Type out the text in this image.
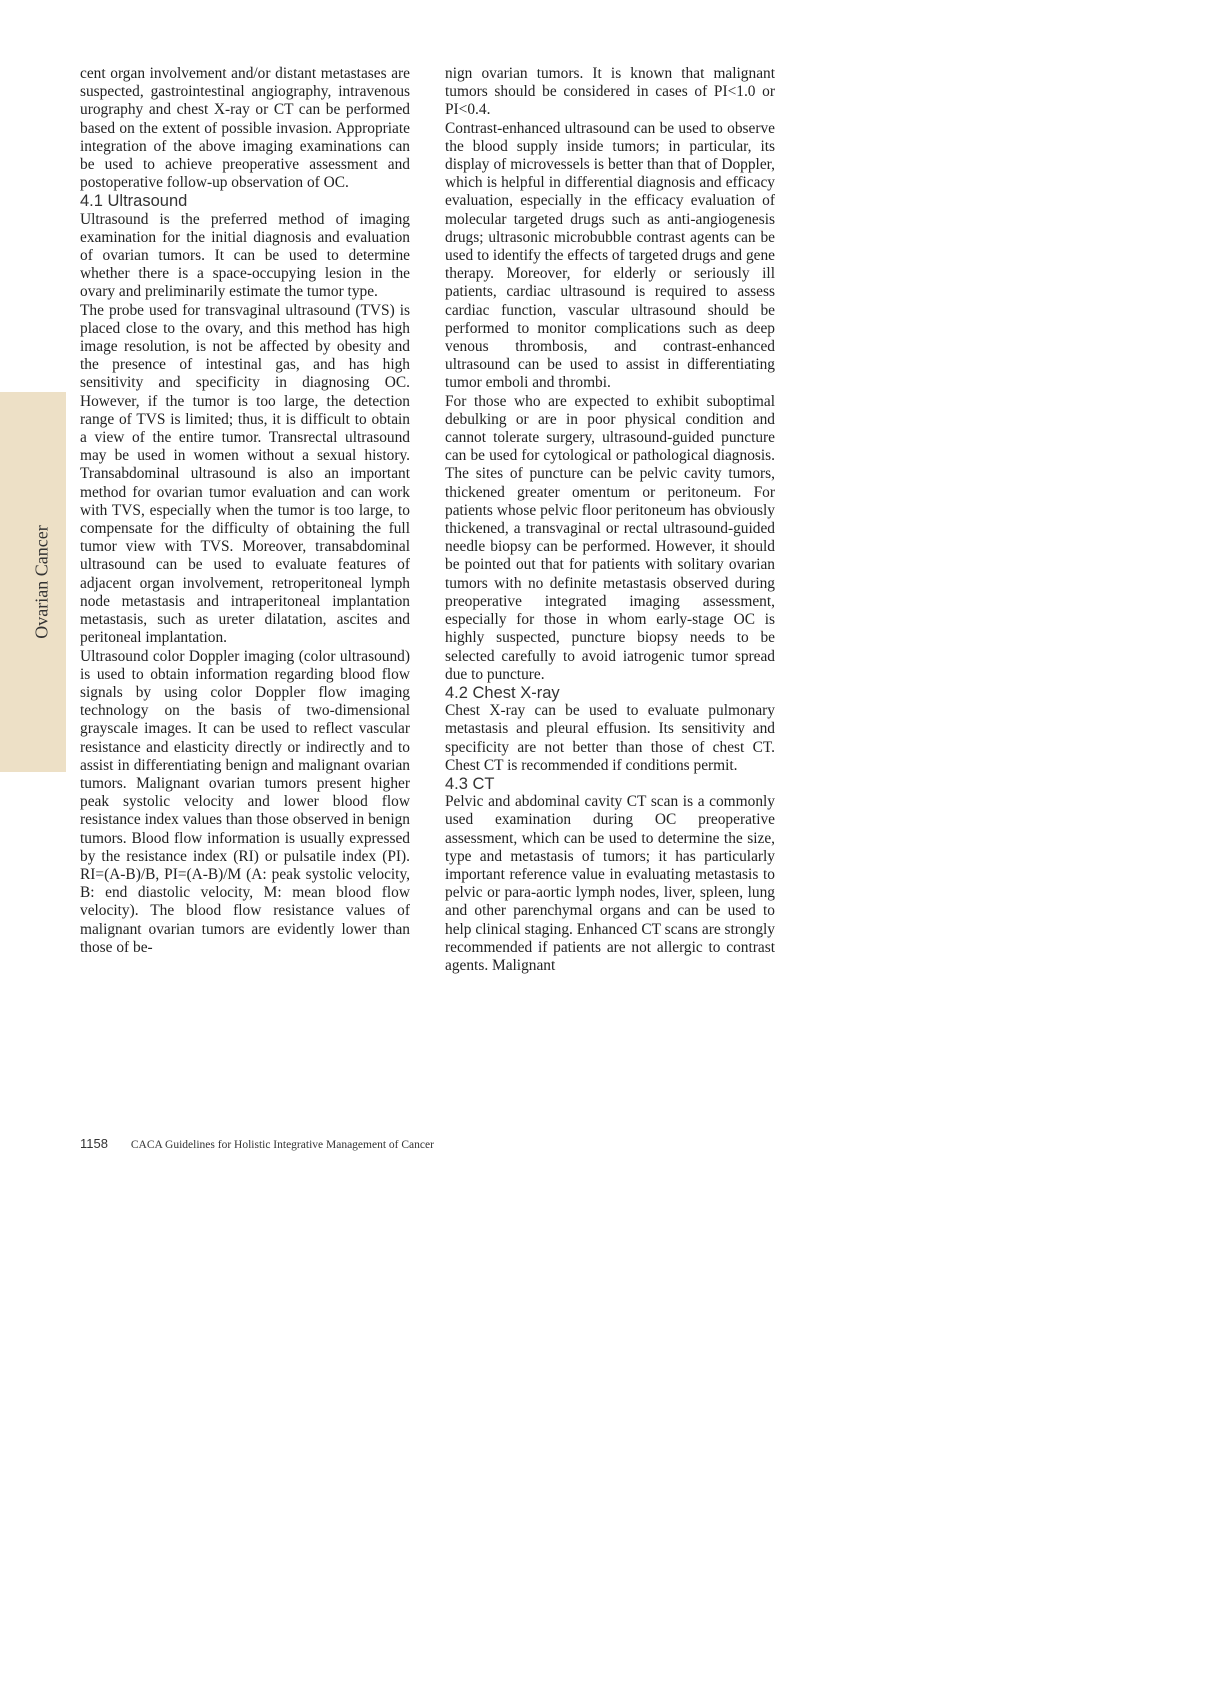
Ovarian Cancer

cent organ involvement and/or distant metastases are suspected, gastrointestinal angiography, intravenous urography and chest X-ray or CT can be performed based on the extent of possible invasion. Appropriate integration of the above imaging examinations can be used to achieve preoperative assessment and postoperative follow-up observation of OC.

4.1 Ultrasound

Ultrasound is the preferred method of imaging examination for the initial diagnosis and evaluation of ovarian tumors. It can be used to determine whether there is a space-occupying lesion in the ovary and preliminarily estimate the tumor type.

The probe used for transvaginal ultrasound (TVS) is placed close to the ovary, and this method has high image resolution, is not be affected by obesity and the presence of intestinal gas, and has high sensitivity and specificity in diagnosing OC. However, if the tumor is too large, the detection range of TVS is limited; thus, it is difficult to obtain a view of the entire tumor. Transrectal ultrasound may be used in women without a sexual history. Transabdominal ultrasound is also an important method for ovarian tumor evaluation and can work with TVS, especially when the tumor is too large, to compensate for the difficulty of obtaining the full tumor view with TVS. Moreover, transabdominal ultrasound can be used to evaluate features of adjacent organ involvement, retroperitoneal lymph node metastasis and intraperitoneal implantation metastasis, such as ureter dilatation, ascites and peritoneal implantation.

Ultrasound color Doppler imaging (color ultrasound) is used to obtain information regarding blood flow signals by using color Doppler flow imaging technology on the basis of two-dimensional grayscale images. It can be used to reflect vascular resistance and elasticity directly or indirectly and to assist in differentiating benign and malignant ovarian tumors. Malignant ovarian tumors present higher peak systolic velocity and lower blood flow resistance index values than those observed in benign tumors. Blood flow information is usually expressed by the resistance index (RI) or pulsatile index (PI). RI=(A-B)/B, PI=(A-B)/M (A: peak systolic velocity, B: end diastolic velocity, M: mean blood flow velocity). The blood flow resistance values of malignant ovarian tumors are evidently lower than those of be-

nign ovarian tumors. It is known that malignant tumors should be considered in cases of PI<1.0 or PI<0.4.

Contrast-enhanced ultrasound can be used to observe the blood supply inside tumors; in particular, its display of microvessels is better than that of Doppler, which is helpful in differential diagnosis and efficacy evaluation, especially in the efficacy evaluation of molecular targeted drugs such as anti-angiogenesis drugs; ultrasonic microbubble contrast agents can be used to identify the effects of targeted drugs and gene therapy. Moreover, for elderly or seriously ill patients, cardiac ultrasound is required to assess cardiac function, vascular ultrasound should be performed to monitor complications such as deep venous thrombosis, and contrast-enhanced ultrasound can be used to assist in differentiating tumor emboli and thrombi.

For those who are expected to exhibit suboptimal debulking or are in poor physical condition and cannot tolerate surgery, ultrasound-guided puncture can be used for cytological or pathological diagnosis. The sites of puncture can be pelvic cavity tumors, thickened greater omentum or peritoneum. For patients whose pelvic floor peritoneum has obviously thickened, a transvaginal or rectal ultrasound-guided needle biopsy can be performed. However, it should be pointed out that for patients with solitary ovarian tumors with no definite metastasis observed during preoperative integrated imaging assessment, especially for those in whom early-stage OC is highly suspected, puncture biopsy needs to be selected carefully to avoid iatrogenic tumor spread due to puncture.

4.2 Chest X-ray

Chest X-ray can be used to evaluate pulmonary metastasis and pleural effusion. Its sensitivity and specificity are not better than those of chest CT. Chest CT is recommended if conditions permit.

4.3 CT

Pelvic and abdominal cavity CT scan is a commonly used examination during OC preoperative assessment, which can be used to determine the size, type and metastasis of tumors; it has particularly important reference value in evaluating metastasis to pelvic or para-aortic lymph nodes, liver, spleen, lung and other parenchymal organs and can be used to help clinical staging. Enhanced CT scans are strongly recommended if patients are not allergic to contrast agents. Malignant

1158 CACA Guidelines for Holistic Integrative Management of Cancer
